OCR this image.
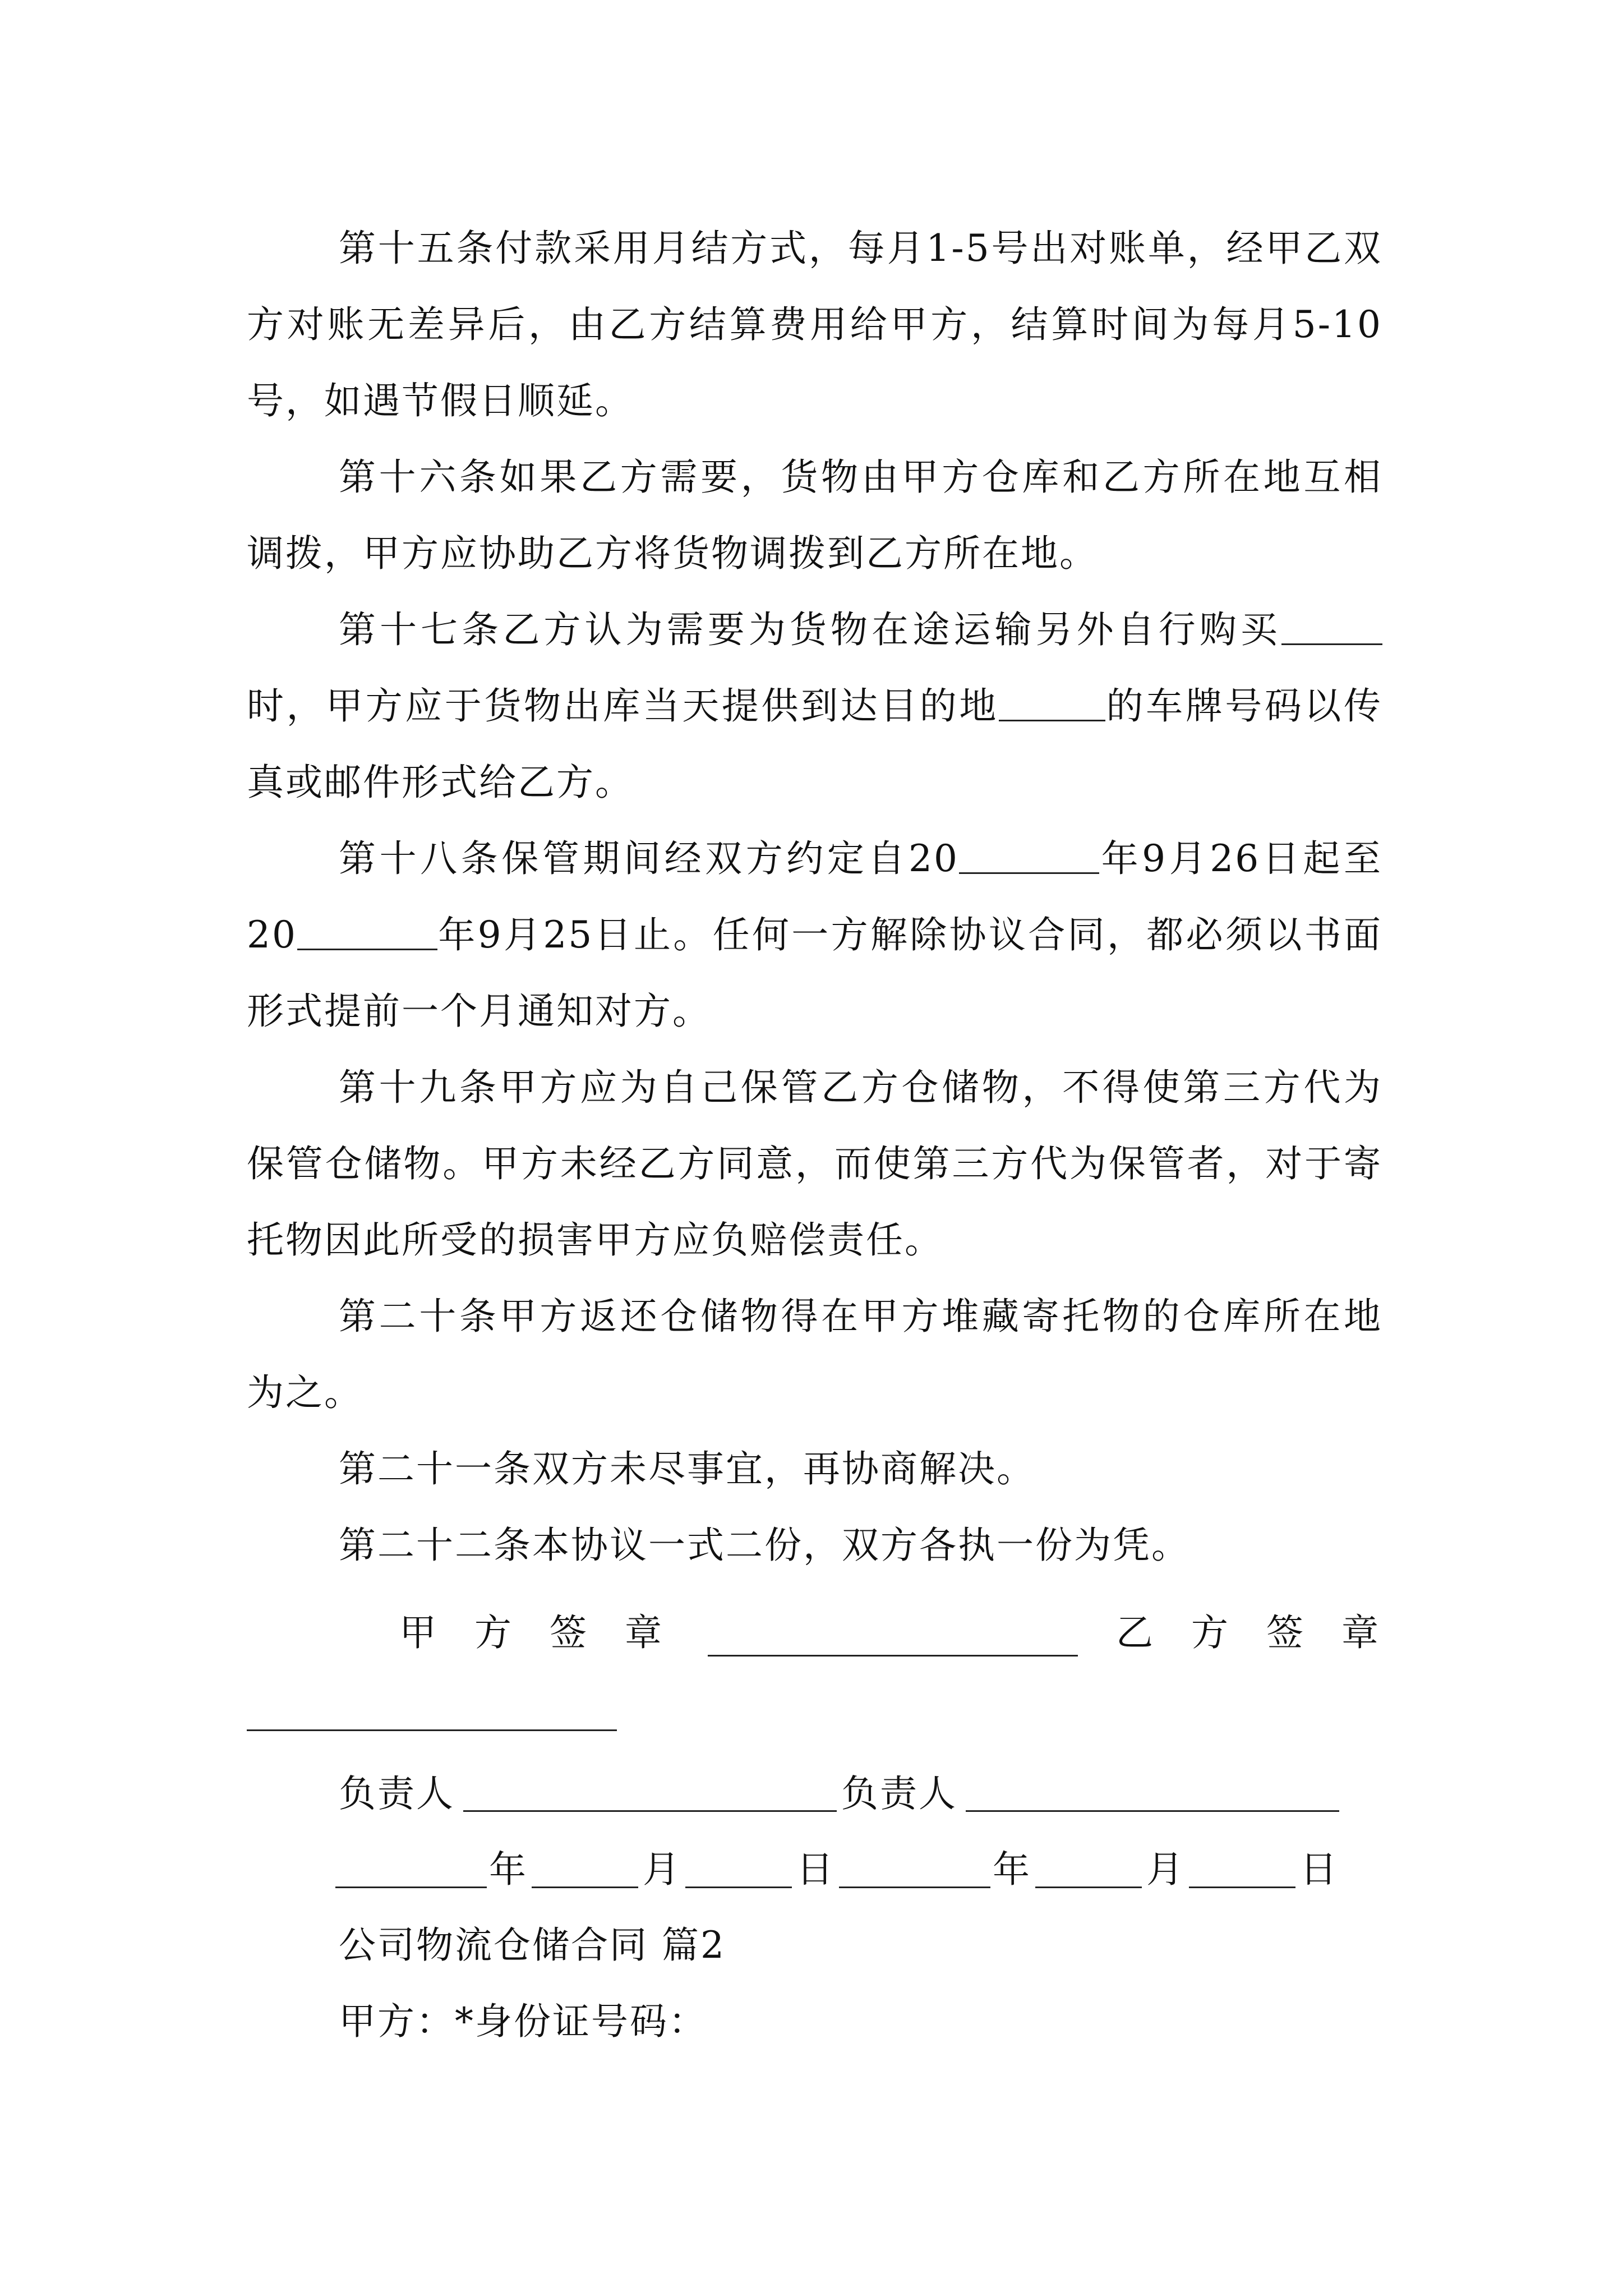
第十五条付款采用月结方式，每月1-5号出对账单，经甲乙双方对账无差异后，由乙方结算费用给甲方，结算时间为每月5-10号，如遇节假日顺延。

第十六条如果乙方需要，货物由甲方仓库和乙方所在地互相调拨，甲方应协助乙方将货物调拨到乙方所在地。

第十七条乙方认为需要为货物在途运输另外自行购买时，甲方应于货物出库当天提供到达目的地	的车牌号码以传真或邮件形式给乙方。

第十八条保管期间经双方约定自20	年9月26日起至20	年9月25日止。任何一方解除协议合同，都必须以书面形式提前一个月通知对方。

第十九条甲方应为自己保管乙方仓储物，不得使第三方代为保管仓储物。甲方未经乙方同意，而使第三方代为保管者，对于寄托物因此所受的损害甲方应负赔偿责任。

第二十条甲方返还仓储物得在甲方堆藏寄托物的仓库所在地为之。

第二十一条双方未尽事宜，再协商解决。

第二十二条本协议一式二份，双方各执一份为凭。

甲方签章	乙方签章
负责人	负责人
年	月	日	年	月	日
公司物流仓储合同 篇2
甲方：*身份证号码：
